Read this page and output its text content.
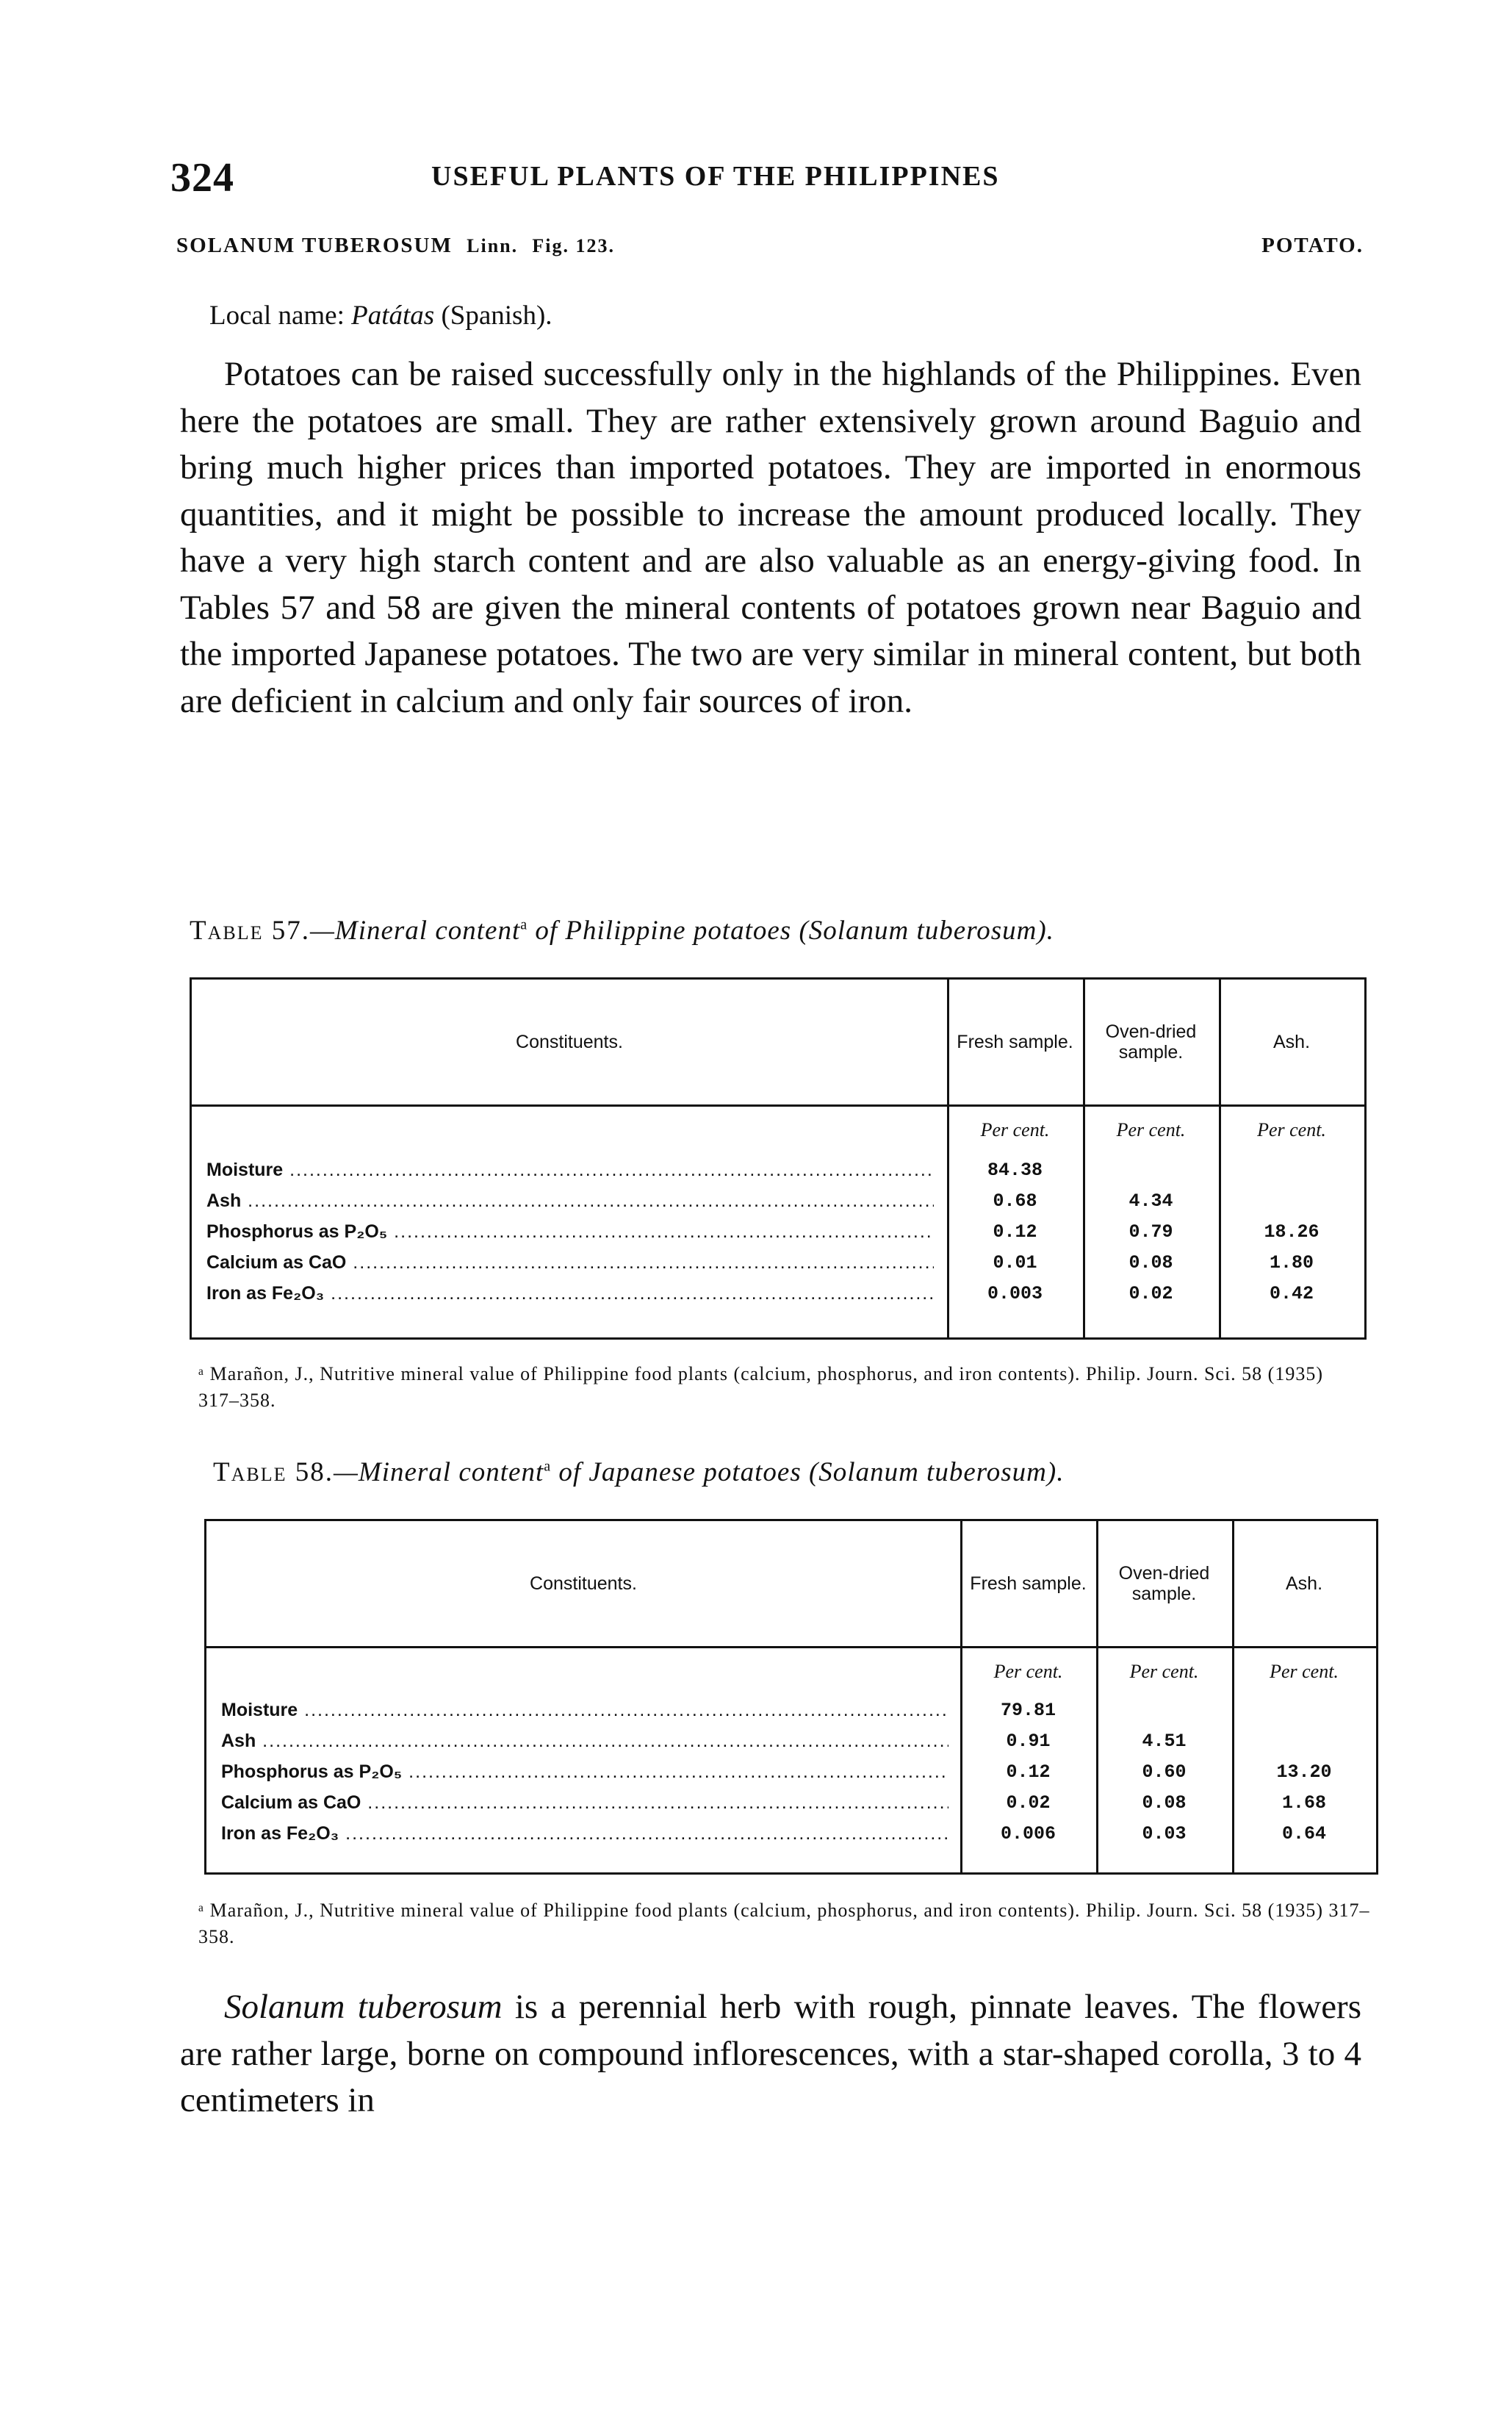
324	USEFUL PLANTS OF THE PHILIPPINES
SOLANUM TUBEROSUM Linn. Fig. 123.	POTATO.
Local name: Patátas (Spanish).
Potatoes can be raised successfully only in the highlands of the Philippines. Even here the potatoes are small. They are rather extensively grown around Baguio and bring much higher prices than imported potatoes. They are imported in enormous quantities, and it might be possible to increase the amount produced locally. They have a very high starch content and are also valuable as an energy-giving food. In Tables 57 and 58 are given the mineral contents of potatoes grown near Baguio and the imported Japanese potatoes. The two are very similar in mineral content, but both are deficient in calcium and only fair sources of iron.
Table 57.—Mineral content$^a$ of Philippine potatoes (Solanum tuberosum).
Constituents.	Fresh sample.	Oven-dried sample.	Ash.
Per cent.	Per cent.	Per cent.
Moisture .....	84.38
Ash .....	0.68	4.34
Phosphorus as P₂O₅ .....	0.12	0.79	18.26
Calcium as CaO .....	0.01	0.08	1.80
Iron as Fe₂O₃ .....	0.003	0.02	0.42
ᵃ Marañon, J., Nutritive mineral value of Philippine food plants (calcium, phosphorus, and iron contents). Philip. Journ. Sci. 58 (1935) 317–358.
Table 58.—Mineral content$^a$ of Japanese potatoes (Solanum tuberosum).
Constituents.	Fresh sample.	Oven-dried sample.	Ash.
Per cent.	Per cent.	Per cent.
Moisture .....	79.81
Ash .....	0.91	4.51
Phosphorus as P₂O₅ .....	0.12	0.60	13.20
Calcium as CaO .....	0.02	0.08	1.68
Iron as Fe₂O₃ .....	0.006	0.03	0.64
ᵃ Marañon, J., Nutritive mineral value of Philippine food plants (calcium, phosphorus, and iron contents). Philip. Journ. Sci. 58 (1935) 317–358.
Solanum tuberosum is a perennial herb with rough, pinnate leaves. The flowers are rather large, borne on compound inflorescences, with a star-shaped corolla, 3 to 4 centimeters in
